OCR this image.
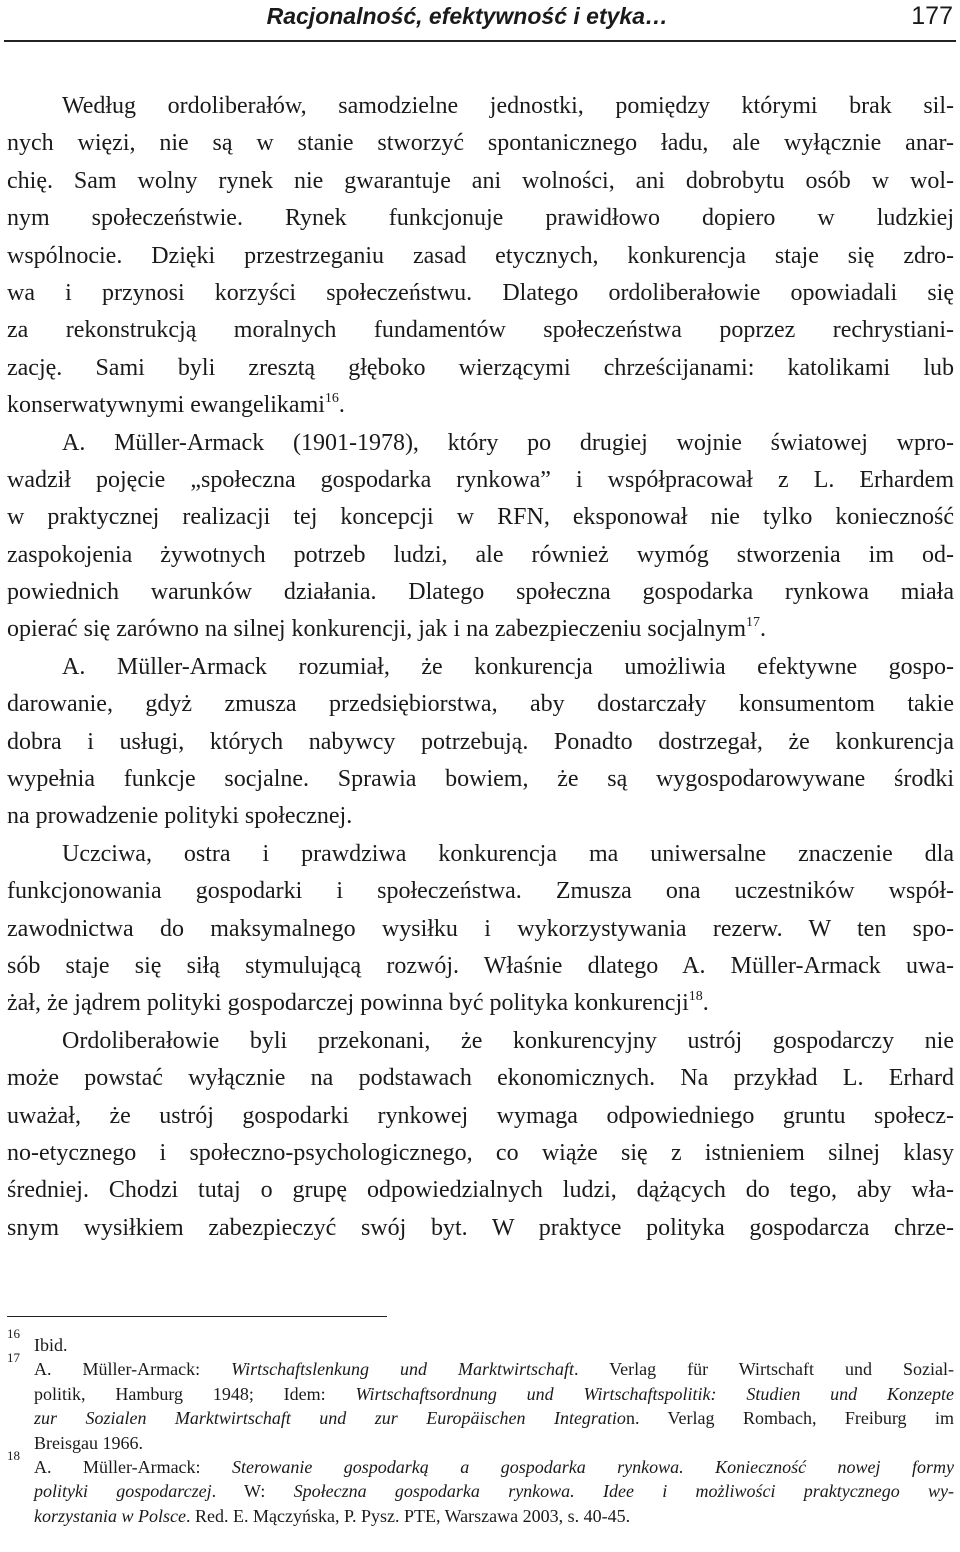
Racjonalność, efektywność i etyka…	177
Według ordoliberałów, samodzielne jednostki, pomiędzy którymi brak sil-
nych więzi, nie są w stanie stworzyć spontanicznego ładu, ale wyłącznie anar-
chię. Sam wolny rynek nie gwarantuje ani wolności, ani dobrobytu osób w wol-
nym społeczeństwie. Rynek funkcjonuje prawidłowo dopiero w ludzkiej
wspólnocie. Dzięki przestrzeganiu zasad etycznych, konkurencja staje się zdro-
wa i przynosi korzyści społeczeństwu. Dlatego ordoliberałowie opowiadali się
za rekonstrukcją moralnych fundamentów społeczeństwa poprzez rechrystiani-
zację. Sami byli zresztą głęboko wierzącymi chrześcijanami: katolikami lub
konserwatywnymi ewangelikami$^{16}$.
A. Müller-Armack (1901-1978), który po drugiej wojnie światowej wpro-
wadził pojęcie „społeczna gospodarka rynkowa” i współpracował z L. Erhardem
w praktycznej realizacji tej koncepcji w RFN, eksponował nie tylko konieczność
zaspokojenia żywotnych potrzeb ludzi, ale również wymóg stworzenia im od-
powiednich warunków działania. Dlatego społeczna gospodarka rynkowa miała
opierać się zarówno na silnej konkurencji, jak i na zabezpieczeniu socjalnym$^{17}$.
A. Müller-Armack rozumiał, że konkurencja umożliwia efektywne gospo-
darowanie, gdyż zmusza przedsiębiorstwa, aby dostarczały konsumentom takie
dobra i usługi, których nabywcy potrzebują. Ponadto dostrzegał, że konkurencja
wypełnia funkcje socjalne. Sprawia bowiem, że są wygospodarowywane środki
na prowadzenie polityki społecznej.
Uczciwa, ostra i prawdziwa konkurencja ma uniwersalne znaczenie dla
funkcjonowania gospodarki i społeczeństwa. Zmusza ona uczestników współ-
zawodnictwa do maksymalnego wysiłku i wykorzystywania rezerw. W ten spo-
sób staje się siłą stymulującą rozwój. Właśnie dlatego A. Müller-Armack uwa-
żał, że jądrem polityki gospodarczej powinna być polityka konkurencji$^{18}$.
Ordoliberałowie byli przekonani, że konkurencyjny ustrój gospodarczy nie
może powstać wyłącznie na podstawach ekonomicznych. Na przykład L. Erhard
uważał, że ustrój gospodarki rynkowej wymaga odpowiedniego gruntu społecz-
no-etycznego i społeczno-psychologicznego, co wiąże się z istnieniem silnej klasy
średniej. Chodzi tutaj o grupę odpowiedzialnych ludzi, dążących do tego, aby wła-
snym wysiłkiem zabezpieczyć swój byt. W praktyce polityka gospodarcza chrze-
16
Ibid.
17
A. Müller-Armack: Wirtschaftslenkung und Marktwirtschaft. Verlag für Wirtschaft und Sozial-
politik, Hamburg 1948; Idem: Wirtschaftsordnung und Wirtschaftspolitik: Studien und Konzepte
zur Sozialen Marktwirtschaft und zur Europäischen Integration. Verlag Rombach, Freiburg im
Breisgau 1966.
18
A. Müller-Armack: Sterowanie gospodarką a gospodarka rynkowa. Konieczność nowej formy
polityki gospodarczej. W: Społeczna gospodarka rynkowa. Idee i możliwości praktycznego wy-
korzystania w Polsce. Red. E. Mączyńska, P. Pysz. PTE, Warszawa 2003, s. 40-45.
